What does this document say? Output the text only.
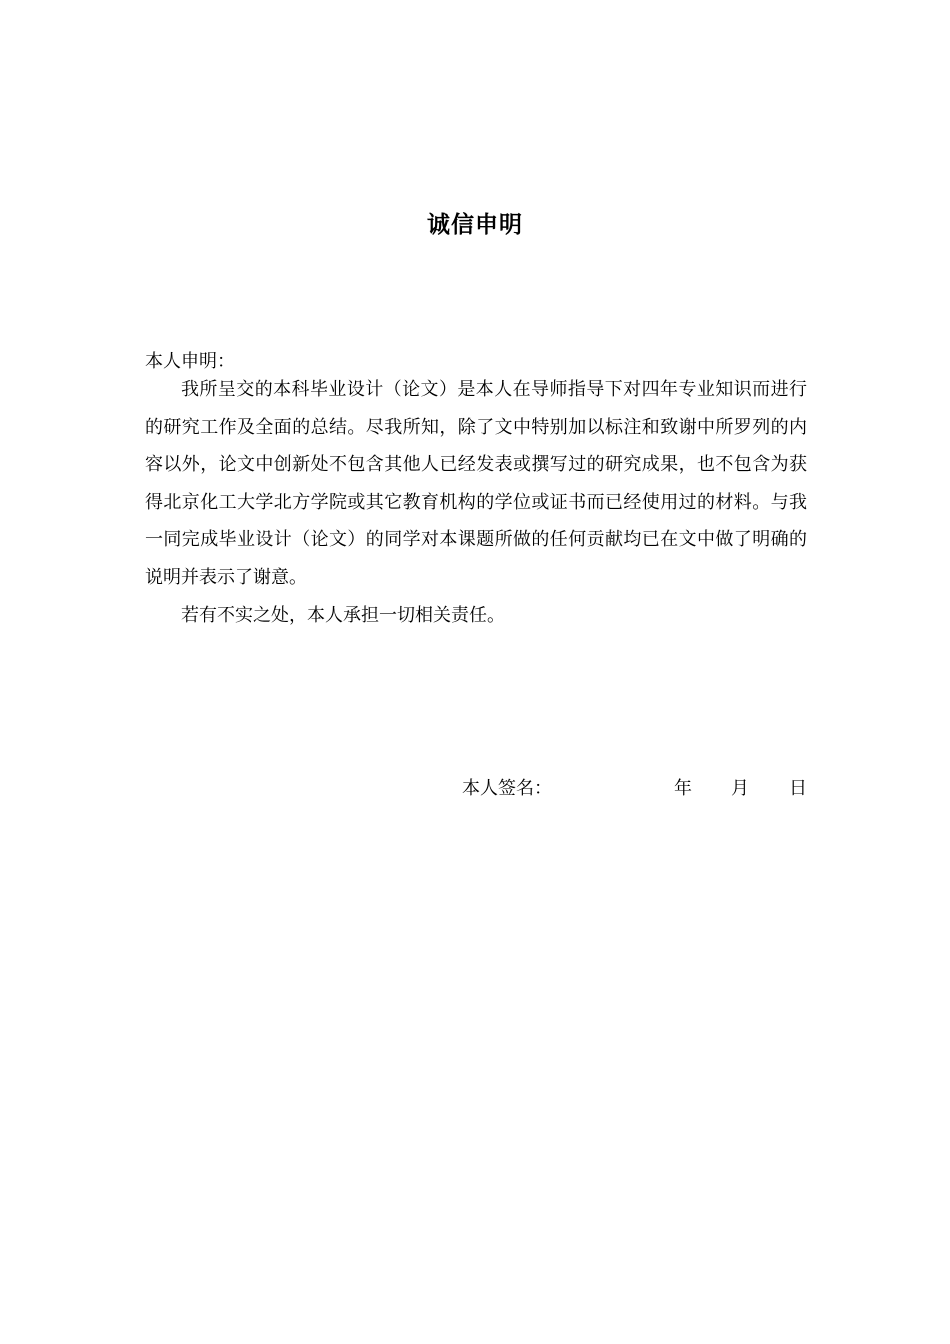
诚信申明
本人申明：

我所呈交的本科毕业设计（论文）是本人在导师指导下对四年专业知识而进行的研究工作及全面的总结。尽我所知，除了文中特别加以标注和致谢中所罗列的内容以外，论文中创新处不包含其他人已经发表或撰写过的研究成果，也不包含为获得北京化工大学北方学院或其它教育机构的学位或证书而已经使用过的材料。与我一同完成毕业设计（论文）的同学对本课题所做的任何贡献均已在文中做了明确的说明并表示了谢意。

若有不实之处，本人承担一切相关责任。

本人签名：	年 月 日
